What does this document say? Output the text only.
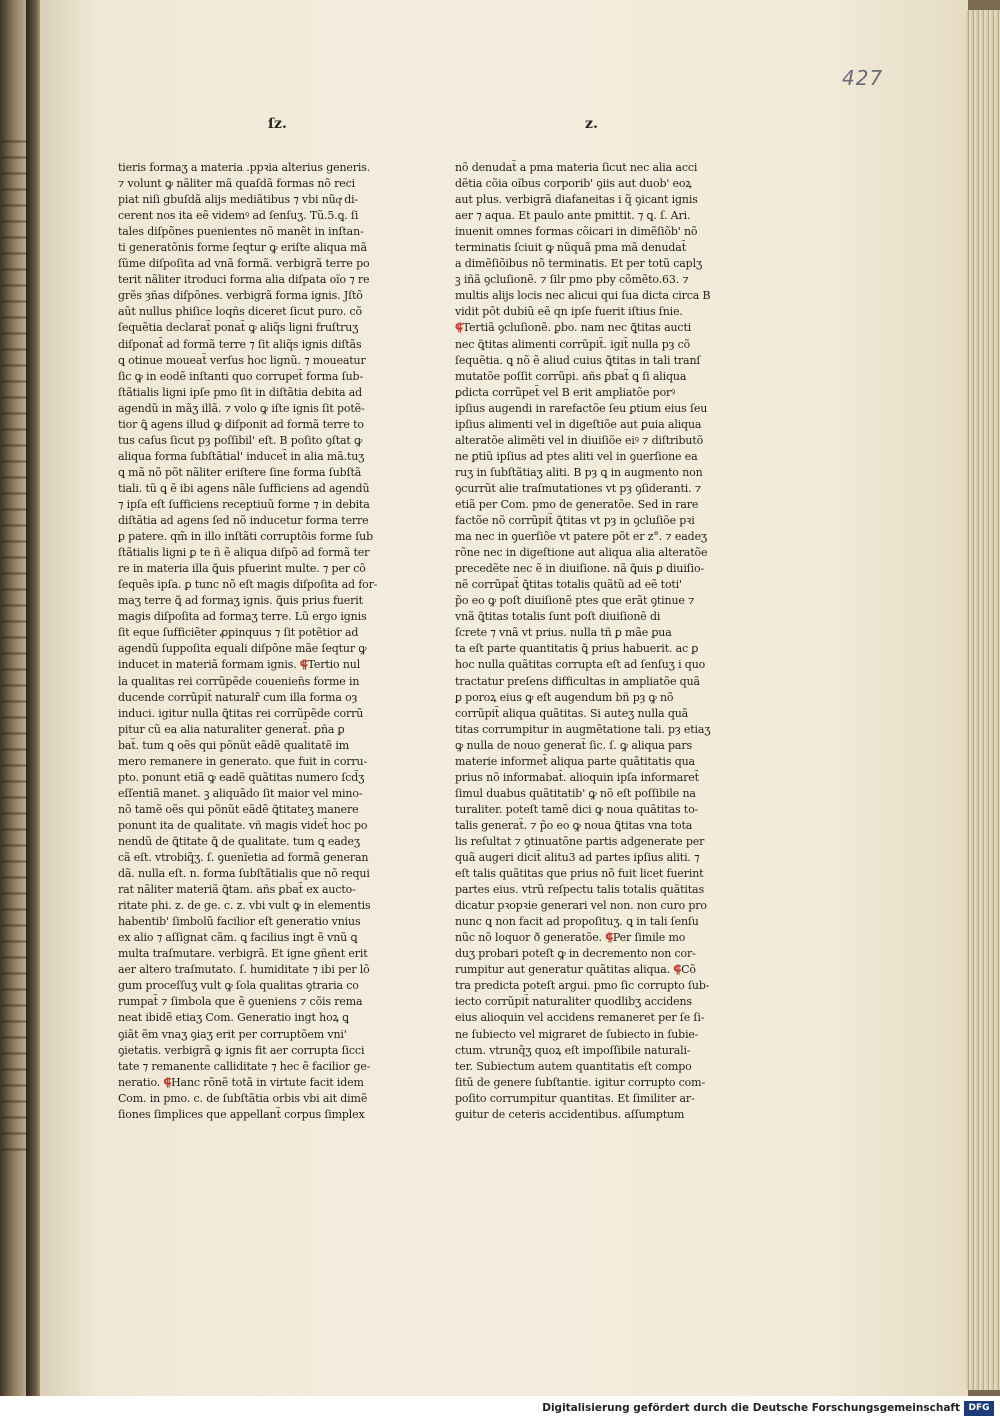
427
ſz.	z.
tieris formaʒ a materia .ppꝛia alterius generis.
⁊ volunt ꝙ nãliter mã quaſdã formas nõ reci
piat niſi gbuſdã alijs mediãtibus ⁊ vbi nũqͣ di-
cerent nos ita eẽ videmꝰ ad ſenſuʒ. Tũ.5.ꝗ. ſi
tales diſpõnes puenientes nõ manẽt in inſtan-
ti generatõnis forme ſeqtur ꝙ eriſte aliqua mã
ſũme diſpoſita ad vnã formã. verbigrã terre po
terit nãliter itroduci forma alia diſpata oĩo ⁊ re
grẽs ȝñas diſpõnes. verbigrã forma ignis. Jſtõ
aũt nullus phiſice loqñs diceret ſicut puro. cõ
ſequẽtia declarat̃ ponat̃ ꝙ aliq̃s ligni fruſtruʒ
diſponat̃ ad formã terre ⁊ ſit aliq̃s ignis diſtãs
ꝗ otinue moueat̃ verſus hoc lignũ. ⁊ moueatur
ſic ꝙ in eodẽ inſtanti quo corrupet̃ forma ſub-
ſtãtialis ligni ipſe pmo ſit in diſtãtia debita ad
agendũ in mãʒ illã. ⁊ volo ꝙ iſte ignis ſit potẽ-
tior ꝗ̃ agens illud ꝙ diſponit ad formã terre to
tus caſus ſicut pȝ poſſibil' eſt. B poſito ꝯſtat ꝙ
aliqua forma ſubſtãtial' inducet̃ in alia mã.tuʒ
ꝗ mã nõ põt nãliter eriſtere ſine forma ſubſtã
tiali. tũ ꝗ ẽ ibi agens nãle ſufficiens ad agendũ
⁊ ipſa eſt ſufficiens receptiuũ forme ⁊ in debita
diſtãtia ad agens ſed nõ inducetur forma terre
ꝑ patere. qm̃ in illo inſtãti corruptõis forme ſub
ſtãtialis ligni ꝑ te ñ ẽ aliqua diſpõ ad formã ter
re in materia illa ꝗ̃uis pfuerint multe. ⁊ per cõ
ſequẽs ipſa. ꝑ tunc nõ eſt magis diſpoſita ad for-
maʒ terre ꝗ̃ ad formaʒ ignis. ꝗ̃uis prius fuerit
magis diſpoſita ad formaʒ terre. Lũ ergo ignis
ſit eque ſufficiẽter ꝓpinquus ⁊ ſit potẽtior ad
agendũ ſuppoſita equali diſpõne mãe ſeqtur ꝙ
inducet in materiã formam ignis. ⸿Tertio nul
la qualitas rei corrũpẽde couenien̄s forme in
ducende corrũpit̃ naturalr̃ cum illa forma oȝ
induci. igitur nulla ꝗ̃titas rei corrũpẽde corrũ
pitur cũ ea alia naturaliter generat̃. ꝑña ꝑ
bat̃. tum ꝗ oẽs qui põnũt eãdẽ qualitatẽ im
mero remanere in generato. que fuit in corru-
pto. ponunt etiã ꝙ eadẽ quãtitas numero ſcd̃ʒ
eſſentiã manet. ꝫ aliquãdo ſit maior vel mino-
nõ tamẽ oẽs qui põnũt eãdẽ ꝗ̃titateʒ manere
ponunt ita de qualitate. vñ magis videt̃ hoc po
nendũ de ꝗ̃titate ꝗ̃ de qualitate. tum ꝗ eadeʒ
cã eſt. vtrobiq̃ʒ. ſ. ꝯuenĩetia ad formã generan
dã. nulla eſt. n. forma ſubſtãtialis que nõ requi
rat nãliter materiã ꝗ̃tam. añs ꝑbat̃ ex aucto-
ritate phi. z. de ge. c. z. vbi vult ꝙ in elementis
habentib' ſimbolũ facilior eſt generatio vnius
ex alio ⁊ aſſignat cãm. ꝗ facilius ingt ẽ vnũ ꝗ
multa traſmutare. verbigrã. Et igne gñent erit
aer altero traſmutato. ſ. humiditate ⁊ ibi per lõ
gum proceſſuʒ vult ꝙ ſola qualitas ꝯtraria co
rumpat̃ ⁊ ſimbola que ẽ ꝯueniens ⁊ cõis rema
neat ibidẽ etiaʒ Com. Generatio ingt hoꝝ ꝗ
ꝯiãt ẽm vnaʒ ꝯiaʒ erit per corruptõem vni'
ꝯietatis. verbigrã ꝙ ignis fit aer corrupta ſicci
tate ⁊ remanente calliditate ⁊ hec ẽ facilior ge-
neratio. ⸿Hanc rõnẽ totã in virtute facit idem
Com. in pmo. c. de ſubſtãtia orbis vbi ait dimẽ
ſiones ſimplices que appellant̃ corpus ſimplex
nõ denudat̃ a pma materia ſicut nec alia acci
dẽtia cõia oĩbus corporib' ꝯiis aut duob' eoꝝ
aut plus. verbigrã diafaneitas i q̃ ꝯicant ignis
aer ⁊ aqua. Et paulo ante pmittit. ⁊ ꝗ. ſ. Ari.
inuenit omnes formas cõicari in dimẽſiõb' nõ
terminatis ſciuit ꝙ nũquã pma mã denudat̃
a dimẽſiõibus nõ terminatis. Et per totũ caplʒ
ꝫ iñã ꝯcluſionẽ. ⁊ ſilr pmo pby cõmẽto.63. ⁊
multis alijs locis nec alicui qui ſua dicta circa B
vidit põt dubiũ eẽ qn ipſe fuerit iſtius ſnie.
⸿Tertiã ꝯcluſionẽ. ꝑbo. nam nec ꝗ̃titas aucti
nec ꝗ̃titas alimenti corrũpit̃. igit̃ nulla pȝ cõ
ſequẽtia. ꝗ nõ ẽ aliud cuius ꝗ̃titas in tali tranſ
mutatõe poſſit corrũpi. añs ꝑbat̃ ꝗ ſi aliqua
ꝑdicta corrũpet̃ vel B erit ampliatõe porꝰ
ipſius augendi in rarefactõe ſeu ꝑtium eius ſeu
ipſius alimenti vel in digeſtiõe aut ꝑuia aliqua
alteratõe alimẽti vel in diuiſiõe eiꝰ ⁊ diſtributõ
ne ꝑtiũ ipſius ad ptes aliti vel in ꝯuerſione ea
ruʒ in ſubſtãtiaʒ aliti. B pȝ ꝗ in augmento non
ꝯcurrũt alie traſmutationes vt pȝ ꝯſideranti. ⁊
etiã per Com. pmo de generatõe. Sed in rare
factõe nõ corrũpit̃ ꝗ̃titas vt pȝ in ꝯcluſiõe pꝛi
ma nec in ꝯuerſiõe vt patere põt er z°. ⁊ eadeʒ
rõne nec in digeſtione aut aliqua alia alteratõe
precedẽte nec ẽ in diuiſione. nã ꝗ̃uis ꝑ diuiſio-
nẽ corrũpat̃ ꝗ̃titas totalis quãtũ ad eẽ toti'
p̃o eo ꝙ poſt diuiſionẽ ptes que erãt ꝯtinue ⁊
vnã ꝗ̃titas totalis ſunt poſt diuiſionẽ di
ſcrete ⁊ vnã vt prius. nulla tñ ꝑ mãe ꝑua
ta eſt parte quantitatis ꝗ̃ prius habuerit. ac ꝑ
hoc nulla quãtitas corrupta eſt ad ſenſuʒ i quo
tractatur preſens difficultas in ampliatõe quã
ꝑ poroꝝ eius ꝙ eſt augendum bñ pȝ ꝙ nõ
corrũpit̃ aliqua quãtitas. Si auteʒ nulla quã
titas corrumpitur in augmẽtatione tali. pȝ etiaʒ
ꝙ nulla de nouo generat̃ ſic. ſ. ꝙ aliqua pars
materie informet̃ aliqua parte quãtitatis qua
prius nõ informabat̃. alioquin ipſa informaret̃
ſimul duabus quãtitatib' ꝙ nõ eſt poſſibile na
turaliter. poteſt tamẽ dici ꝙ noua quãtitas to-
talis generat̃. ⁊ p̃o eo ꝙ noua ꝗ̃titas vna tota
lis reſultat ⁊ ꝯtinuatõne partis adgenerate per
quã augeri dicit̃ alitu3 ad partes ipſius aliti. ⁊
eſt talis quãtitas que prius nõ fuit licet fuerint
partes eius. vtrũ reſpectu talis totalis quãtitas
dicatur pꝛopꝛie generari vel non. non curo pro
nunc ꝗ non facit ad propoſituʒ. ꝗ in tali ſenſu
nũc nõ loquor ð generatõe. ⸿Per ſimile mo
duʒ probari poteſt ꝙ in decremento non cor-
rumpitur aut generatur quãtitas aliqua. ⸿Cõ
tra predicta poteſt argui. pmo ſic corrupto ſub-
iecto corrũpit̃ naturaliter quodlibʒ accidens
eius alioquin vel accidens remaneret per ſe ſi-
ne ſubiecto vel migraret de ſubiecto in ſubie-
ctum. vtrunq̃ʒ quoꝝ eſt impoſſibile naturali-
ter. Subiectum autem quantitatis eſt compo
ſitũ de genere ſubſtantie. igitur corrupto com-
poſito corrumpitur quantitas. Et ſimiliter ar-
guitur de ceteris accidentibus. aſſumptum
Digitalisierung gefördert durch die Deutsche Forschungsgemeinschaft DFG
